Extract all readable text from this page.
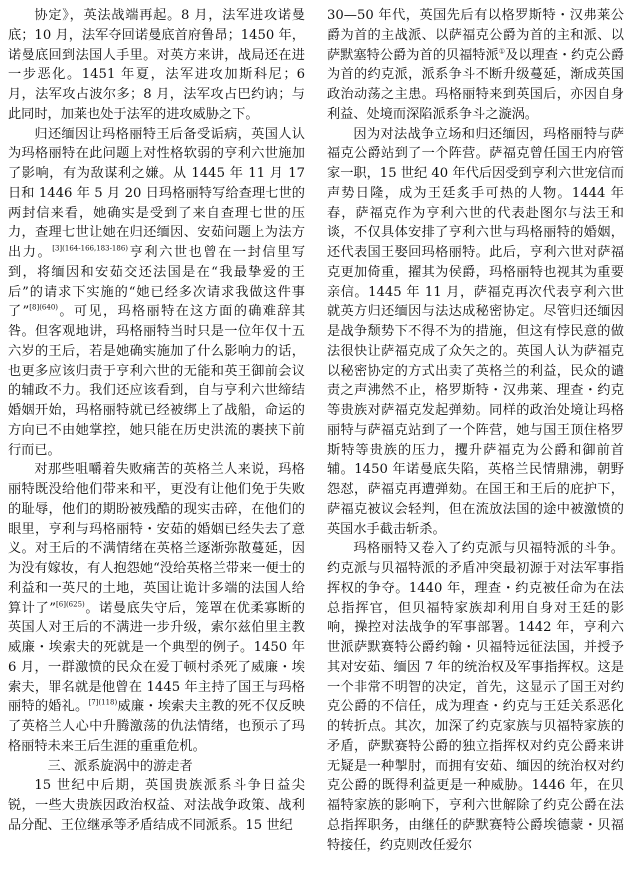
协定》，英法战端再起。8 月，法军进攻诺曼底；10 月，法军夺回诺曼底首府鲁昂；1450 年，诺曼底回到法国人手里。对英方来讲，战局还在进一步恶化。1451 年夏，法军进攻加斯科尼；6 月，法军攻占波尔多；8 月，法军攻占巴约讷；与此同时，加莱也处于法军的进攻威胁之下。

归还缅因让玛格丽特王后备受诟病，英国人认为玛格丽特在此问题上对性格软弱的亨利六世施加了影响，有为敌谋利之嫌。从 1445 年 11 月 17 日和 1446 年 5 月 20 日玛格丽特写给查理七世的两封信来看，她确实是受到了来自查理七世的压力，查理七世让她在归还缅因、安茹问题上为法方出力。$^{[3](164-166,183-186)}$亨利六世也曾在一封信里写到，将缅因和安茹交还法国是在“我最挚爱的王后”的请求下实施的“她已经多次请求我做这件事了”$^{[8](640)}$。可见，玛格丽特在这方面的确难辞其咎。但客观地讲，玛格丽特当时只是一位年仅十五六岁的王后，若是她确实施加了什么影响力的话，也更多应该归责于亨利六世的无能和英王御前会议的辅政不力。我们还应该看到，自与亨利六世缔结婚姻开始，玛格丽特就已经被绑上了战船，命运的方向已不由她掌控，她只能在历史洪流的裹挟下前行而已。

对那些咀嚼着失败痛苦的英格兰人来说，玛格丽特既没给他们带来和平，更没有让他们免于失败的耻辱，他们的期盼被残酷的现实击碎，在他们的眼里，亨利与玛格丽特・安茹的婚姻已经失去了意义。对王后的不满情绪在英格兰逐渐弥散蔓延，因为没有嫁妆，有人抱怨她“没给英格兰带来一便士的利益和一英尺的土地，英国让诡计多端的法国人给算计了”$^{[6](625)}$。诺曼底失守后，笼罩在优柔寡断的英国人对王后的不满进一步升级，索尔兹伯里主教威廉・埃索夫的死就是一个典型的例子。1450 年 6 月，一群激愤的民众在爱丁顿村杀死了威廉・埃索夫，罪名就是他曾在 1445 年主持了国王与玛格丽特的婚礼。$^{[7](118)}$威廉・埃索夫主教的死不仅反映了英格兰人心中升腾激荡的仇法情绪，也预示了玛格丽特未来王后生涯的重重危机。

三、派系旋涡中的游走者

15 世纪中后期，英国贵族派系斗争日益尖锐，一些大贵族因政治权益、对法战争政策、战利品分配、王位继承等矛盾结成不同派系。15 世纪

30—50 年代，英国先后有以格罗斯特・汉弗莱公爵为首的主战派、以萨福克公爵为首的主和派、以萨默塞特公爵为首的贝福特派①及以理查・约克公爵为首的约克派，派系争斗不断升级蔓延，渐成英国政治动荡之主患。玛格丽特来到英国后，亦因自身利益、处境而深陷派系争斗之漩涡。

因为对法战争立场和归还缅因，玛格丽特与萨福克公爵站到了一个阵营。萨福克曾任国王内府管家一职，15 世纪 40 年代后因受到亨利六世宠信而声势日隆，成为王廷炙手可热的人物。1444 年春，萨福克作为亨利六世的代表赴图尔与法王和谈，不仅具体安排了亨利六世与玛格丽特的婚姻，还代表国王娶回玛格丽特。此后，亨利六世对萨福克更加倚重，擢其为侯爵，玛格丽特也视其为重要亲信。1445 年 11 月，萨福克再次代表亨利六世就英方归还缅因与法达成秘密协定。尽管归还缅因是战争颓势下不得不为的措施，但这有悖民意的做法很快让萨福克成了众矢之的。英国人认为萨福克以秘密协定的方式出卖了英格兰的利益，民众的谴责之声沸然不止，格罗斯特・汉弗莱、理查・约克等贵族对萨福克发起弹劾。同样的政治处境让玛格丽特与萨福克站到了一个阵营，她与国王顶住格罗斯特等贵族的压力，攫升萨福克为公爵和御前首辅。1450 年诺曼底失陷，英格兰民情鼎沸，朝野怨怼，萨福克再遭弹劾。在国王和王后的庇护下，萨福克被议会轻判，但在流放法国的途中被激愤的英国水手截击斩杀。

玛格丽特又卷入了约克派与贝福特派的斗争。约克派与贝福特派的矛盾冲突最初源于对法军事指挥权的争夺。1440 年，理查・约克被任命为在法总指挥官，但贝福特家族却利用自身对王廷的影响，操控对法战争的军事部署。1442 年，亨利六世派萨默赛特公爵约翰・贝福特远征法国，并授予其对安茹、缅因 7 年的统治权及军事指挥权。这是一个非常不明智的决定，首先，这显示了国王对约克公爵的不信任，成为理查・约克与王廷关系恶化的转折点。其次，加深了约克家族与贝福特家族的矛盾，萨默赛特公爵的独立指挥权对约克公爵来讲无疑是一种掣肘，而拥有安茹、缅因的统治权对约克公爵的既得利益更是一种威胁。1446 年，在贝福特家族的影响下，亨利六世解除了约克公爵在法总指挥职务，由继任的萨默赛特公爵埃德蒙・贝福特接任，约克则改任爱尔
